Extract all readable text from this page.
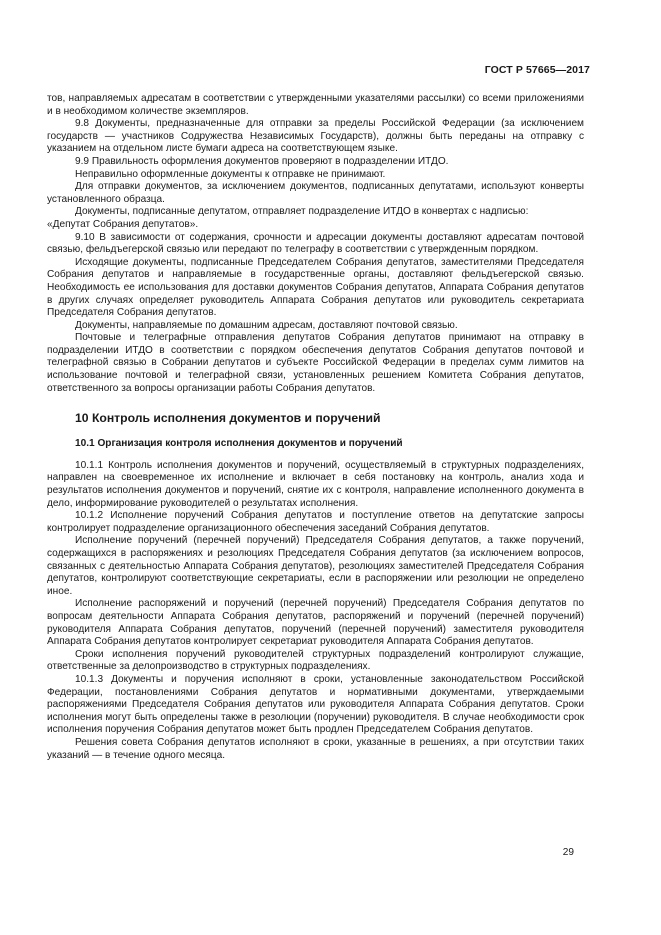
ГОСТ Р 57665—2017

тов, направляемых адресатам в соответствии с утвержденными указателями рассылки) со всеми приложениями и в необходимом количестве экземпляров.

9.8 Документы, предназначенные для отправки за пределы Российской Федерации (за исключением государств — участников Содружества Независимых Государств), должны быть переданы на отправку с указанием на отдельном листе бумаги адреса на соответствующем языке.

9.9 Правильность оформления документов проверяют в подразделении ИТДО.

Неправильно оформленные документы к отправке не принимают.

Для отправки документов, за исключением документов, подписанных депутатами, используют конверты установленного образца.

Документы, подписанные депутатом, отправляет подразделение ИТДО в конвертах с надписью:

«Депутат Собрания депутатов».

9.10 В зависимости от содержания, срочности и адресации документы доставляют адресатам почтовой связью, фельдъегерской связью или передают по телеграфу в соответствии с утвержденным порядком.

Исходящие документы, подписанные Председателем Собрания депутатов, заместителями Председателя Собрания депутатов и направляемые в государственные органы, доставляют фельдъегерской связью. Необходимость ее использования для доставки документов Собрания депутатов, Аппарата Собрания депутатов в других случаях определяет руководитель Аппарата Собрания депутатов или руководитель секретариата Председателя Собрания депутатов.

Документы, направляемые по домашним адресам, доставляют почтовой связью.

Почтовые и телеграфные отправления депутатов Собрания депутатов принимают на отправку в подразделении ИТДО в соответствии с порядком обеспечения депутатов Собрания депутатов почтовой и телеграфной связью в Собрании депутатов и субъекте Российской Федерации в пределах сумм лимитов на использование почтовой и телеграфной связи, установленных решением Комитета Собрания депутатов, ответственного за вопросы организации работы Собрания депутатов.

10 Контроль исполнения документов и поручений
10.1 Организация контроля исполнения документов и поручений

10.1.1 Контроль исполнения документов и поручений, осуществляемый в структурных подразделениях, направлен на своевременное их исполнение и включает в себя постановку на контроль, анализ хода и результатов исполнения документов и поручений, снятие их с контроля, направление исполненного документа в дело, информирование руководителей о результатах исполнения.

10.1.2 Исполнение поручений Собрания депутатов и поступление ответов на депутатские запросы контролирует подразделение организационного обеспечения заседаний Собрания депутатов.

Исполнение поручений (перечней поручений) Председателя Собрания депутатов, а также поручений, содержащихся в распоряжениях и резолюциях Председателя Собрания депутатов (за исключением вопросов, связанных с деятельностью Аппарата Собрания депутатов), резолюциях заместителей Председателя Собрания депутатов, контролируют соответствующие секретариаты, если в распоряжении или резолюции не определено иное.

Исполнение распоряжений и поручений (перечней поручений) Председателя Собрания депутатов по вопросам деятельности Аппарата Собрания депутатов, распоряжений и поручений (перечней поручений) руководителя Аппарата Собрания депутатов, поручений (перечней поручений) заместителя руководителя Аппарата Собрания депутатов контролирует секретариат руководителя Аппарата Собрания депутатов.

Сроки исполнения поручений руководителей структурных подразделений контролируют служащие, ответственные за делопроизводство в структурных подразделениях.

10.1.3 Документы и поручения исполняют в сроки, установленные законодательством Российской Федерации, постановлениями Собрания депутатов и нормативными документами, утверждаемыми распоряжениями Председателя Собрания депутатов или руководителя Аппарата Собрания депутатов. Сроки исполнения могут быть определены также в резолюции (поручении) руководителя. В случае необходимости срок исполнения поручения Собрания депутатов может быть продлен Председателем Собрания депутатов.

Решения совета Собрания депутатов исполняют в сроки, указанные в решениях, а при отсутствии таких указаний — в течение одного месяца.

29
